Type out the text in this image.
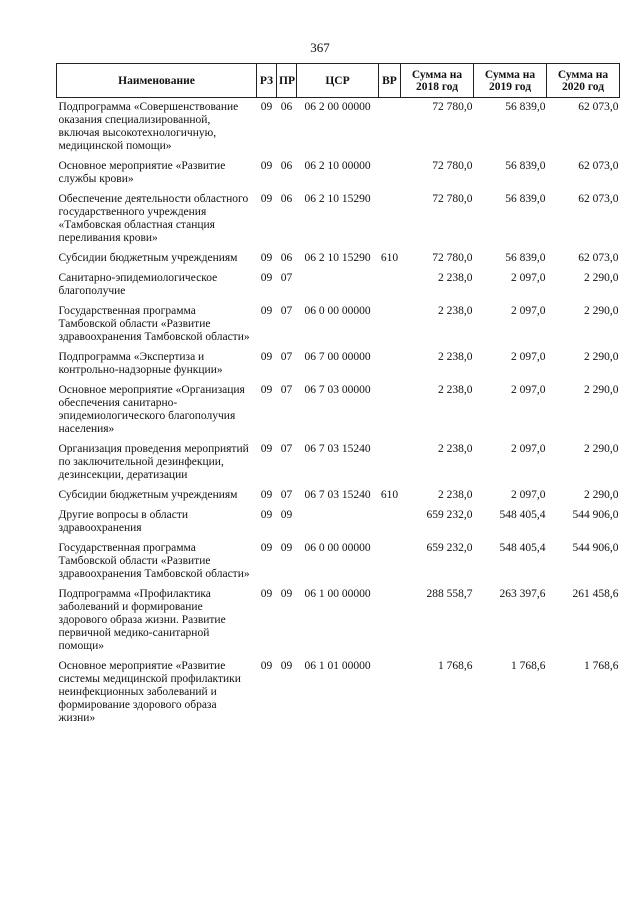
367
Наименование	РЗ	ПР	ЦСР	ВР	Сумма на 2018 год	Сумма на 2019 год	Сумма на 2020 год
Подпрограмма «Совершенствование оказания специализированной, включая высокотехнологичную, медицинской помощи»	09	06	06 2 00 00000		72 780,0	56 839,0	62 073,0
Основное мероприятие «Развитие службы крови»	09	06	06 2 10 00000		72 780,0	56 839,0	62 073,0
Обеспечение деятельности областного государственного учреждения «Тамбовская областная станция переливания крови»	09	06	06 2 10 15290		72 780,0	56 839,0	62 073,0
Субсидии бюджетным учреждениям	09	06	06 2 10 15290	610	72 780,0	56 839,0	62 073,0
Санитарно-эпидемиологическое благополучие	09	07			2 238,0	2 097,0	2 290,0
Государственная программа Тамбовской области «Развитие здравоохранения Тамбовской области»	09	07	06 0 00 00000		2 238,0	2 097,0	2 290,0
Подпрограмма «Экспертиза и контрольно-надзорные функции»	09	07	06 7 00 00000		2 238,0	2 097,0	2 290,0
Основное мероприятие «Организация обеспечения санитарно-эпидемиологического благополучия населения»	09	07	06 7 03 00000		2 238,0	2 097,0	2 290,0
Организация проведения мероприятий по заключительной дезинфекции, дезинсекции, дератизации	09	07	06 7 03 15240		2 238,0	2 097,0	2 290,0
Субсидии бюджетным учреждениям	09	07	06 7 03 15240	610	2 238,0	2 097,0	2 290,0
Другие вопросы в области здравоохранения	09	09			659 232,0	548 405,4	544 906,0
Государственная программа Тамбовской области «Развитие здравоохранения Тамбовской области»	09	09	06 0 00 00000		659 232,0	548 405,4	544 906,0
Подпрограмма «Профилактика заболеваний и формирование здорового образа жизни. Развитие первичной медико-санитарной помощи»	09	09	06 1 00 00000		288 558,7	263 397,6	261 458,6
Основное мероприятие «Развитие системы медицинской профилактики неинфекционных заболеваний и формирование здорового образа жизни»	09	09	06 1 01 00000		1 768,6	1 768,6	1 768,6
